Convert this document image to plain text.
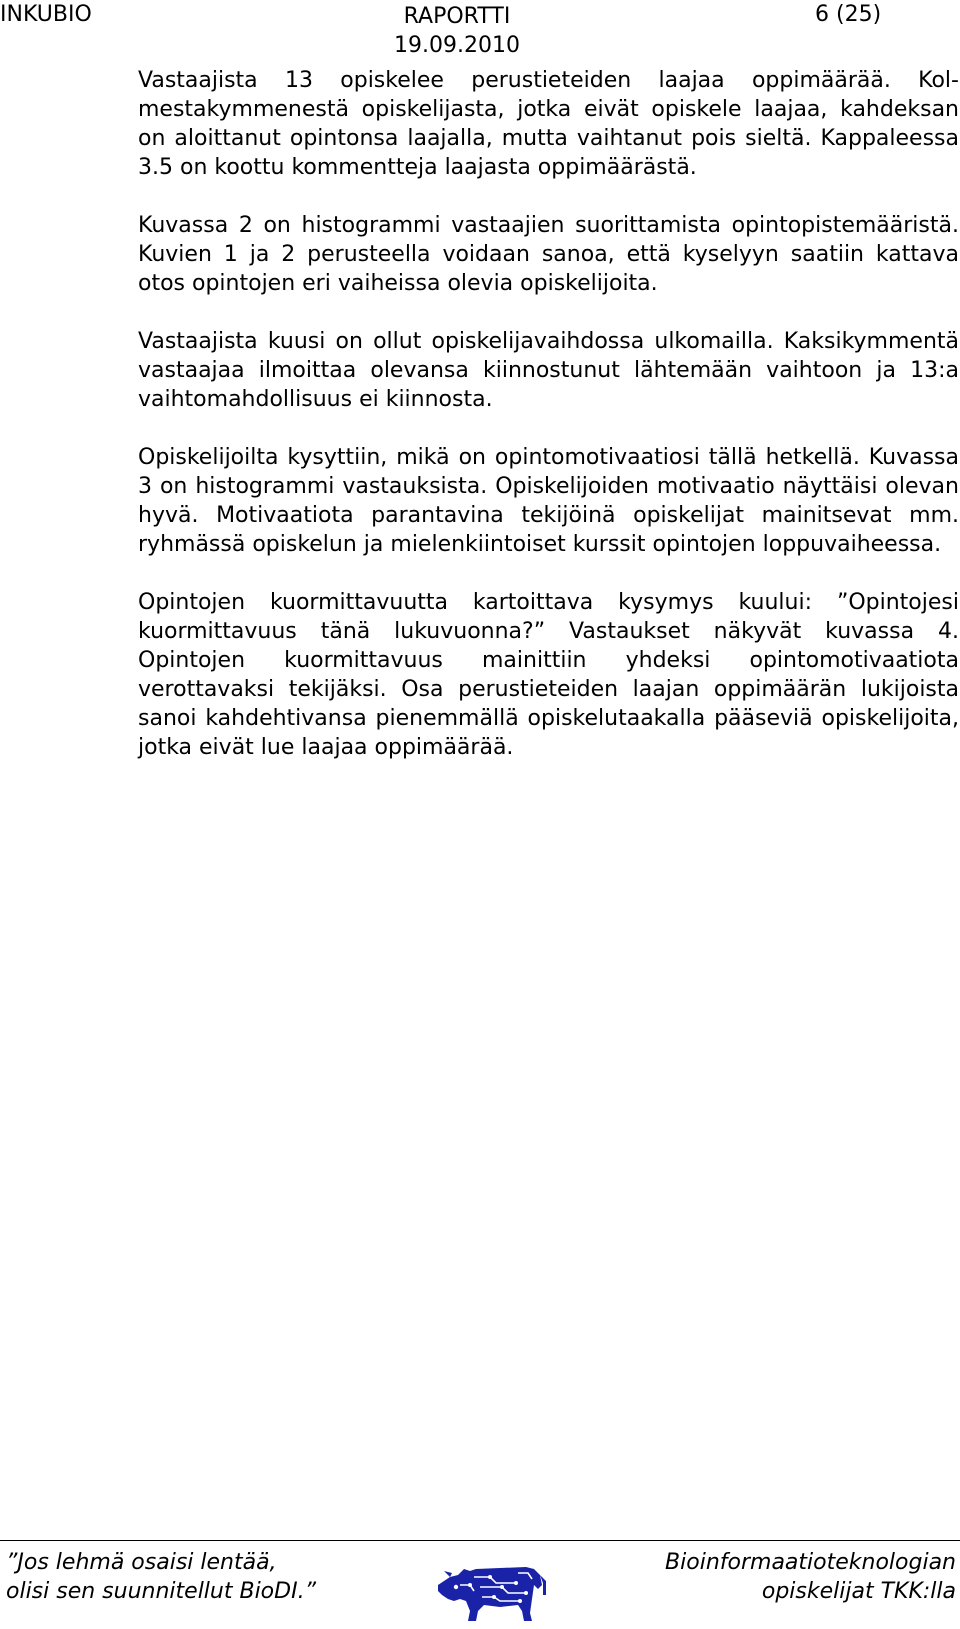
INKUBIO	RAPORTTI
19.09.2010
6 (25)

Vastaajista 13 opiskelee perustieteiden laajaa oppimäärää. Kolmestakymmenestä opiskelijasta, jotka eivät opiskele laajaa, kahdeksan on aloittanut opintonsa laajalla, mutta vaihtanut pois sieltä. Kappaleessa 3.5 on koottu kommentteja laajasta oppimäärästä.

Kuvassa 2 on histogrammi vastaajien suorittamista opintopistemääristä. Kuvien 1 ja 2 perusteella voidaan sanoa, että kyselyyn saatiin kattava otos opintojen eri vaiheissa olevia opiskelijoita.

Vastaajista kuusi on ollut opiskelijavaihdossa ulkomailla. Kaksikymmentä vastaajaa ilmoittaa olevansa kiinnostunut lähtemään vaihtoon ja 13:a vaihtomahdollisuus ei kiinnosta.

Opiskelijoilta kysyttiin, mikä on opintomotivaatiosi tällä hetkellä. Kuvassa 3 on histogrammi vastauksista. Opiskelijoiden motivaatio näyttäisi olevan hyvä. Motivaatiota parantavina tekijöinä opiskelijat mainitsevat mm. ryhmässä opiskelun ja mielenkiintoiset kurssit opintojen loppuvaiheessa.

Opintojen kuormittavuutta kartoittava kysymys kuului: ”Opintojesi kuormittavuus tänä lukuvuonna?” Vastaukset näkyvät kuvassa 4. Opintojen kuormittavuus mainittiin yhdeksi opintomotivaatiota verottavaksi tekijäksi. Osa perustieteiden laajan oppimäärän lukijoista sanoi kahdehtivansa pienemmällä opiskelutaakalla pääseviä opiskelijoita, jotka eivät lue laajaa oppimäärää.

”Jos lehmä osaisi lentää,
olisi sen suunnitellut BioDI.”
Bioinformaatioteknologian
opiskelijat TKK:lla
